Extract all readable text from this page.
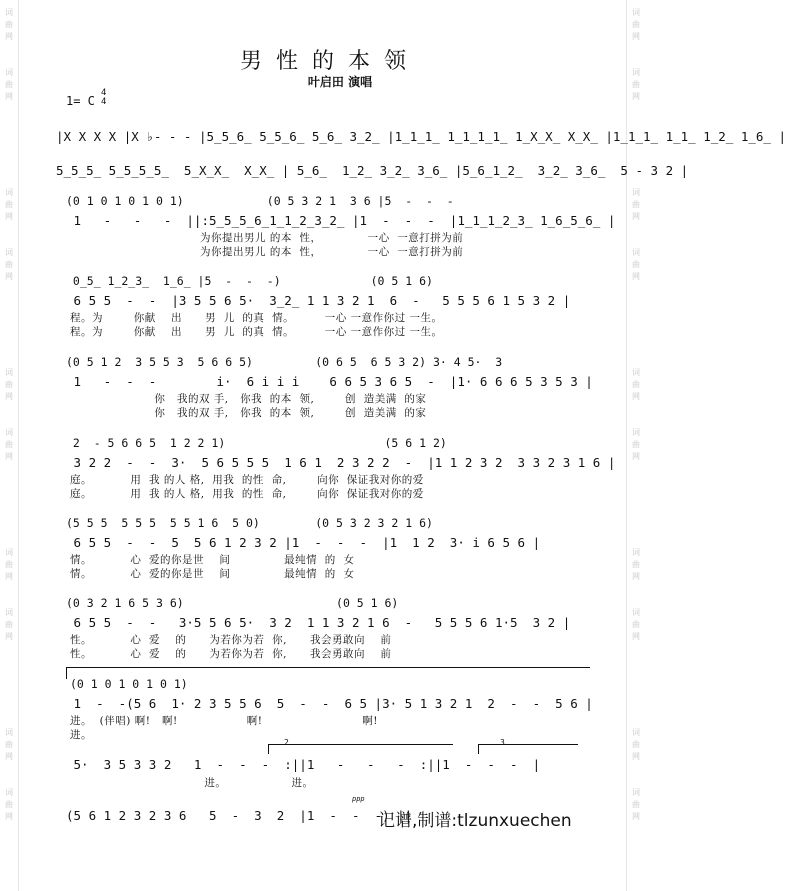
男性的本领
叶启田 演唱
1= C
4
4
|X X X X |X ♭- - - |5̲5̲6̲ 5̲5̲6̲ 5̲6̲ 3̲2̲ |1̲1̲1̲ 1̲1̲1̲1̲ 1̲X̲X̲ X̲X̲ |1̲1̲1̲ 1̲1̲ 1̲2̲ 1̲6̲ |
5̲5̲5̲ 5̲5̲5̲5̲  5̲X̲X̲  X̲X̲ | 5̲6̲  1̲2̲ 3̲2̲ 3̲6̲ |5̲6̲1̲2̲  3̲2̲ 3̲6̲  5 - 3 2 |
(0 1 0 1 0 1 0 1)            (0 5 3 2 1  3 6 |5  -  -  -
1   -   -   -  ||:5̲5̲5̲6̲1̲1̲2̲3̲2̲ |1  -  -  -  |1̲1̲1̲2̲3̲ 1̲6̲5̲6̲ |
为你提出男儿 的本  性，            一心  一意打拼为前
为你提出男儿 的本  性，            一心  一意打拼为前
0̲5̲ 1̲2̲3̲  1̲6̲ |5  -  -  -)             (0 5 1 6)
6 5 5  -  -  |3 5 5 6 5·  3̲2̲ 1 1 3 2 1  6  -   5 5 5 6 1 5 3 2 |
程。为        你献    出      男  儿  的真  情。        一心 一意作你过 一生。
程。为        你献    出      男  儿  的真  情。        一心 一意作你过 一生。
(0 5 1 2  3 5 5 3  5 6 6 5)         (0 6 5  6 5 3 2) 3· 4 5·  3
1   -  -  -        i·  6 i i i    6 6 5 3 6 5  -  |1· 6 6 6 5 3 5 3 |
你   我的双 手,   你我  的本  领,        创  造美满  的家
你   我的双 手,   你我  的本  领,        创  造美满  的家
2  - 5 6 6 5  1 2 2 1)                       (5 6 1 2)
3 2 2  -  -  3·  5 6 5 5 5  1 6 1  2 3 2 2  -  |1 1 2 3 2  3 3 2 3 1 6 |
庭。          用  我 的人 格,  用我  的性  命,        向你  保证我对你的爱
庭。          用  我 的人 格,  用我  的性  命,        向你  保证我对你的爱
(5 5 5  5 5 5  5 5 1 6  5 0)        (0 5 3 2 3 2 1 6)
6 5 5  -  -  5  5 6 1 2 3 2 |1  -  -  -  |1  1 2  3· i 6 5 6 |
情。          心  爱的你是世    间              最纯情  的  女
情。          心  爱的你是世    间              最纯情  的  女
(0 3 2 1 6 5 3 6)                      (0 5 1 6)
6 5 5  -  -   3·5 5 6 5·  3 2  1 1 3 2 1 6  -   5 5 5 6 1·5  3 2 |
性。          心  爱    的      为若你为若  你,      我会勇敢向    前
性。          心  爱    的      为若你为若  你,      我会勇敢向    前
(0 1 0 1 0 1 0 1)
1  -  -(5 6  1· 2 3 5 5 6  5  -  -  6 5 |3· 5 1 3 2 1  2  -  -  5 6 |
进。  (伴唱) 啊!   啊!                  啊!                          啊!
进。
2	3
5·  3 5 3 3 2   1  -  -  -  :||1   -   -   -  :||1  -  -  -  |
进。                 进。
(5 6 1 2 3 2 3 6   5  -  3  2  |1  -  -  -) ||
ppp
记谱,制谱:tlzunxuechen
词
词
曲
曲
网
网
词
词
曲
曲
网
网
词
词
曲
曲
网
网
词
词
曲
曲
网
网
词
词
曲
曲
网
网
词
词
曲
曲
网
网
词
词
曲
曲
网
网
词
词
曲
曲
网
网
词
词
曲
曲
网
网
词
词
曲
曲
网
网
